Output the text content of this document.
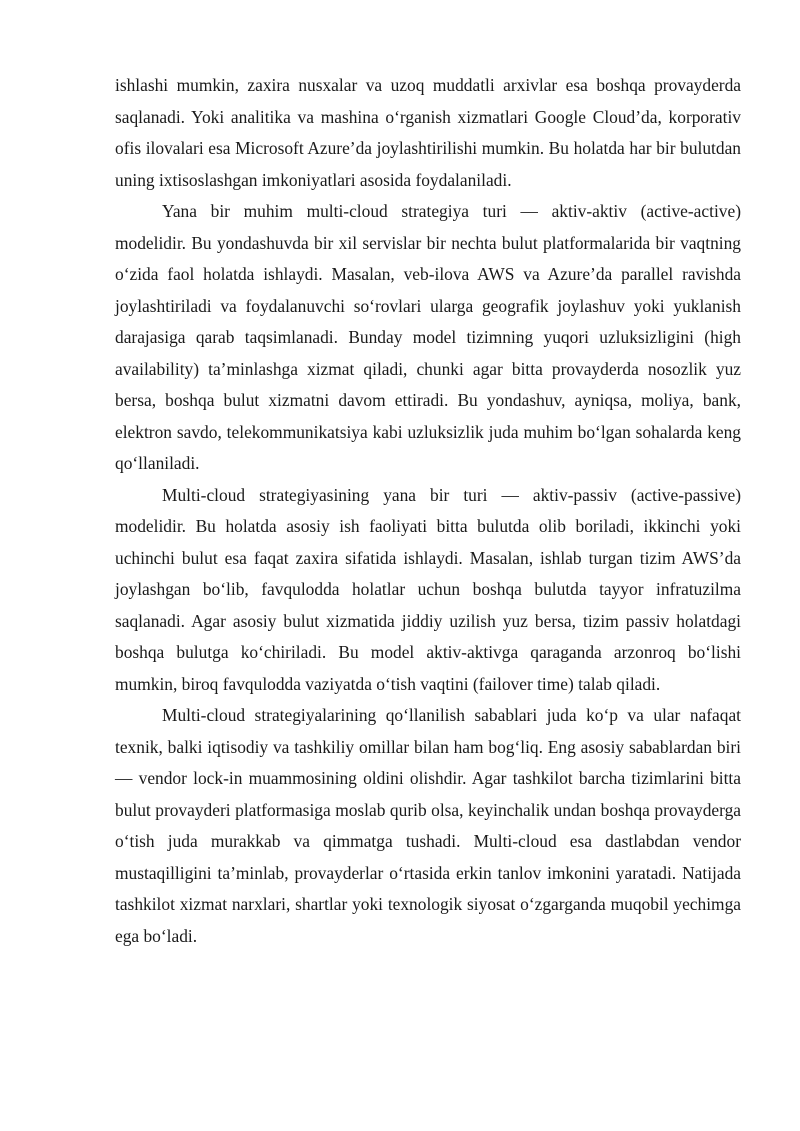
ishlashi mumkin, zaxira nusxalar va uzoq muddatli arxivlar esa boshqa provayderda saqlanadi. Yoki analitika va mashina o‘rganish xizmatlari Google Cloud’da, korporativ ofis ilovalari esa Microsoft Azure’da joylashtirilishi mumkin. Bu holatda har bir bulutdan uning ixtisoslashgan imkoniyatlari asosida foydalaniladi.

Yana bir muhim multi-cloud strategiya turi — aktiv-aktiv (active-active) modelidir. Bu yondashuvda bir xil servislar bir nechta bulut platformalarida bir vaqtning o‘zida faol holatda ishlaydi. Masalan, veb-ilova AWS va Azure’da parallel ravishda joylashtiriladi va foydalanuvchi so‘rovlari ularga geografik joylashuv yoki yuklanish darajasiga qarab taqsimlanadi. Bunday model tizimning yuqori uzluksizligini (high availability) ta’minlashga xizmat qiladi, chunki agar bitta provayderda nosozlik yuz bersa, boshqa bulut xizmatni davom ettiradi. Bu yondashuv, ayniqsa, moliya, bank, elektron savdo, telekommunikatsiya kabi uzluksizlik juda muhim bo‘lgan sohalarda keng qo‘llaniladi.

Multi-cloud strategiyasining yana bir turi — aktiv-passiv (active-passive) modelidir. Bu holatda asosiy ish faoliyati bitta bulutda olib boriladi, ikkinchi yoki uchinchi bulut esa faqat zaxira sifatida ishlaydi. Masalan, ishlab turgan tizim AWS’da joylashgan bo‘lib, favqulodda holatlar uchun boshqa bulutda tayyor infratuzilma saqlanadi. Agar asosiy bulut xizmatida jiddiy uzilish yuz bersa, tizim passiv holatdagi boshqa bulutga ko‘chiriladi. Bu model aktiv-aktivga qaraganda arzonroq bo‘lishi mumkin, biroq favqulodda vaziyatda o‘tish vaqtini (failover time) talab qiladi.

Multi-cloud strategiyalarining qo‘llanilish sabablari juda ko‘p va ular nafaqat texnik, balki iqtisodiy va tashkiliy omillar bilan ham bog‘liq. Eng asosiy sabablardan biri — vendor lock-in muammosining oldini olishdir. Agar tashkilot barcha tizimlarini bitta bulut provayderi platformasiga moslab qurib olsa, keyinchalik undan boshqa provayderga o‘tish juda murakkab va qimmatga tushadi. Multi-cloud esa dastlabdan vendor mustaqilligini ta’minlab, provayderlar o‘rtasida erkin tanlov imkonini yaratadi. Natijada tashkilot xizmat narxlari, shartlar yoki texnologik siyosat o‘zgarganda muqobil yechimga ega bo‘ladi.
